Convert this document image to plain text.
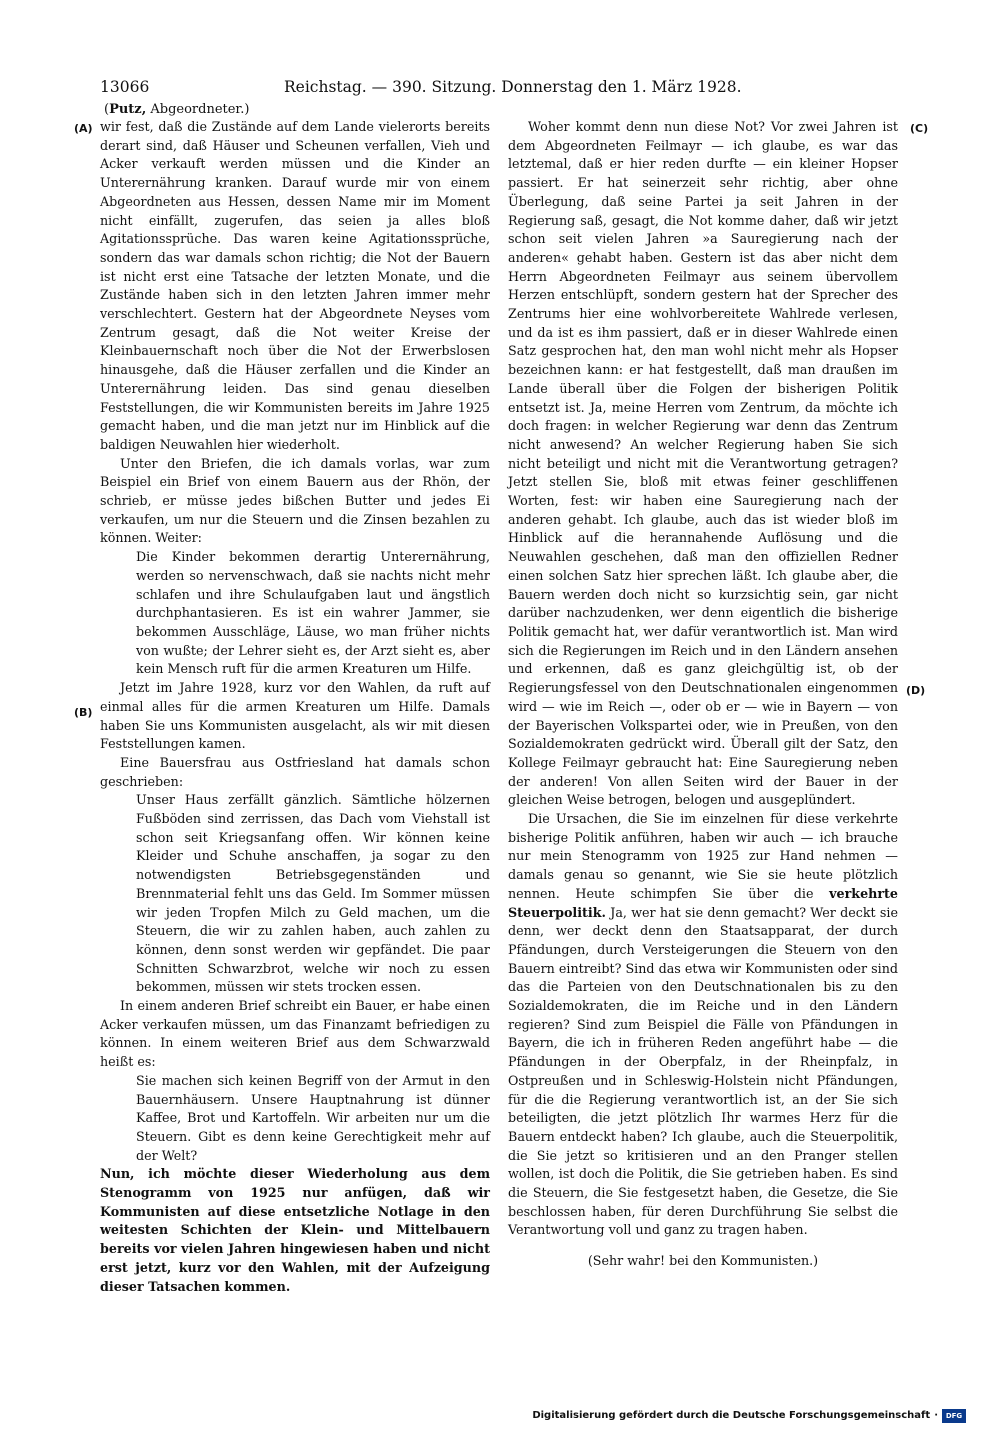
13066	Reichstag. — 390. Sitzung. Donnerstag den 1. März 1928.
(Putz, Abgeordneter.)
(A)
(B)
(C)
(D)

wir fest, daß die Zustände auf dem Lande vielerorts bereits derart sind, daß Häuser und Scheunen verfallen, Vieh und Acker verkauft werden müssen und die Kinder an Unterernährung kranken. Darauf wurde mir von einem Abgeordneten aus Hessen, dessen Name mir im Moment nicht einfällt, zugerufen, das seien ja alles bloß Agitationssprüche. Das waren keine Agitationssprüche, sondern das war damals schon richtig; die Not der Bauern ist nicht erst eine Tatsache der letzten Monate, und die Zustände haben sich in den letzten Jahren immer mehr verschlechtert. Gestern hat der Abgeordnete Neyses vom Zentrum gesagt, daß die Not weiter Kreise der Kleinbauernschaft noch über die Not der Erwerbslosen hinausgehe, daß die Häuser zerfallen und die Kinder an Unterernährung leiden. Das sind genau dieselben Feststellungen, die wir Kommunisten bereits im Jahre 1925 gemacht haben, und die man jetzt nur im Hinblick auf die baldigen Neuwahlen hier wiederholt.

Unter den Briefen, die ich damals vorlas, war zum Beispiel ein Brief von einem Bauern aus der Rhön, der schrieb, er müsse jedes bißchen Butter und jedes Ei verkaufen, um nur die Steuern und die Zinsen bezahlen zu können. Weiter:

Die Kinder bekommen derartig Unterernährung, werden so nervenschwach, daß sie nachts nicht mehr schlafen und ihre Schulaufgaben laut und ängstlich durchphantasieren. Es ist ein wahrer Jammer, sie bekommen Ausschläge, Läuse, wo man früher nichts von wußte; der Lehrer sieht es, der Arzt sieht es, aber kein Mensch ruft für die armen Kreaturen um Hilfe.

Jetzt im Jahre 1928, kurz vor den Wahlen, da ruft auf einmal alles für die armen Kreaturen um Hilfe. Damals haben Sie uns Kommunisten ausgelacht, als wir mit diesen Feststellungen kamen.

Eine Bauersfrau aus Ostfriesland hat damals schon geschrieben:

Unser Haus zerfällt gänzlich. Sämtliche hölzernen Fußböden sind zerrissen, das Dach vom Viehstall ist schon seit Kriegsanfang offen. Wir können keine Kleider und Schuhe anschaffen, ja sogar zu den notwendigsten Betriebsgegenständen und Brennmaterial fehlt uns das Geld. Im Sommer müssen wir jeden Tropfen Milch zu Geld machen, um die Steuern, die wir zu zahlen haben, auch zahlen zu können, denn sonst werden wir gepfändet. Die paar Schnitten Schwarzbrot, welche wir noch zu essen bekommen, müssen wir stets trocken essen.

In einem anderen Brief schreibt ein Bauer, er habe einen Acker verkaufen müssen, um das Finanzamt befriedigen zu können. In einem weiteren Brief aus dem Schwarzwald heißt es:

Sie machen sich keinen Begriff von der Armut in den Bauernhäusern. Unsere Hauptnahrung ist dünner Kaffee, Brot und Kartoffeln. Wir arbeiten nur um die Steuern. Gibt es denn keine Gerechtigkeit mehr auf der Welt?

Nun, ich möchte dieser Wiederholung aus dem Stenogramm von 1925 nur anfügen, daß wir Kommunisten auf diese entsetzliche Notlage in den weitesten Schichten der Klein- und Mittelbauern bereits vor vielen Jahren hingewiesen haben und nicht erst jetzt, kurz vor den Wahlen, mit der Aufzeigung dieser Tatsachen kommen.

Woher kommt denn nun diese Not? Vor zwei Jahren ist dem Abgeordneten Feilmayr — ich glaube, es war das letztemal, daß er hier reden durfte — ein kleiner Hopser passiert. Er hat seinerzeit sehr richtig, aber ohne Überlegung, daß seine Partei ja seit Jahren in der Regierung saß, gesagt, die Not komme daher, daß wir jetzt schon seit vielen Jahren »a Sauregierung nach der anderen« gehabt haben. Gestern ist das aber nicht dem Herrn Abgeordneten Feilmayr aus seinem übervollem Herzen entschlüpft, sondern gestern hat der Sprecher des Zentrums hier eine wohlvorbereitete Wahlrede verlesen, und da ist es ihm passiert, daß er in dieser Wahlrede einen Satz gesprochen hat, den man wohl nicht mehr als Hopser bezeichnen kann: er hat festgestellt, daß man draußen im Lande überall über die Folgen der bisherigen Politik entsetzt ist. Ja, meine Herren vom Zentrum, da möchte ich doch fragen: in welcher Regierung war denn das Zentrum nicht anwesend? An welcher Regierung haben Sie sich nicht beteiligt und nicht mit die Verantwortung getragen? Jetzt stellen Sie, bloß mit etwas feiner geschliffenen Worten, fest: wir haben eine Sauregierung nach der anderen gehabt. Ich glaube, auch das ist wieder bloß im Hinblick auf die herannahende Auflösung und die Neuwahlen geschehen, daß man den offiziellen Redner einen solchen Satz hier sprechen läßt. Ich glaube aber, die Bauern werden doch nicht so kurzsichtig sein, gar nicht darüber nachzudenken, wer denn eigentlich die bisherige Politik gemacht hat, wer dafür verantwortlich ist. Man wird sich die Regierungen im Reich und in den Ländern ansehen und erkennen, daß es ganz gleichgültig ist, ob der Regierungsfessel von den Deutschnationalen eingenommen wird — wie im Reich —, oder ob er — wie in Bayern — von der Bayerischen Volkspartei oder, wie in Preußen, von den Sozialdemokraten gedrückt wird. Überall gilt der Satz, den Kollege Feilmayr gebraucht hat: Eine Sauregierung neben der anderen! Von allen Seiten wird der Bauer in der gleichen Weise betrogen, belogen und ausgeplündert.

Die Ursachen, die Sie im einzelnen für diese verkehrte bisherige Politik anführen, haben wir auch — ich brauche nur mein Stenogramm von 1925 zur Hand nehmen — damals genau so genannt, wie Sie sie heute plötzlich nennen. Heute schimpfen Sie über die verkehrte Steuerpolitik. Ja, wer hat sie denn gemacht? Wer deckt sie denn, wer deckt denn den Staatsapparat, der durch Pfändungen, durch Versteigerungen die Steuern von den Bauern eintreibt? Sind das etwa wir Kommunisten oder sind das die Parteien von den Deutschnationalen bis zu den Sozialdemokraten, die im Reiche und in den Ländern regieren? Sind zum Beispiel die Fälle von Pfändungen in Bayern, die ich in früheren Reden angeführt habe — die Pfändungen in der Oberpfalz, in der Rheinpfalz, in Ostpreußen und in Schleswig-Holstein nicht Pfändungen, für die die Regierung verantwortlich ist, an der Sie sich beteiligten, die jetzt plötzlich Ihr warmes Herz für die Bauern entdeckt haben? Ich glaube, auch die Steuerpolitik, die Sie jetzt so kritisieren und an den Pranger stellen wollen, ist doch die Politik, die Sie getrieben haben. Es sind die Steuern, die Sie festgesetzt haben, die Gesetze, die Sie beschlossen haben, für deren Durchführung Sie selbst die Verantwortung voll und ganz zu tragen haben.

(Sehr wahr! bei den Kommunisten.)

Digitalisierung gefördert durch die Deutsche Forschungsgemeinschaft ·	DFG
